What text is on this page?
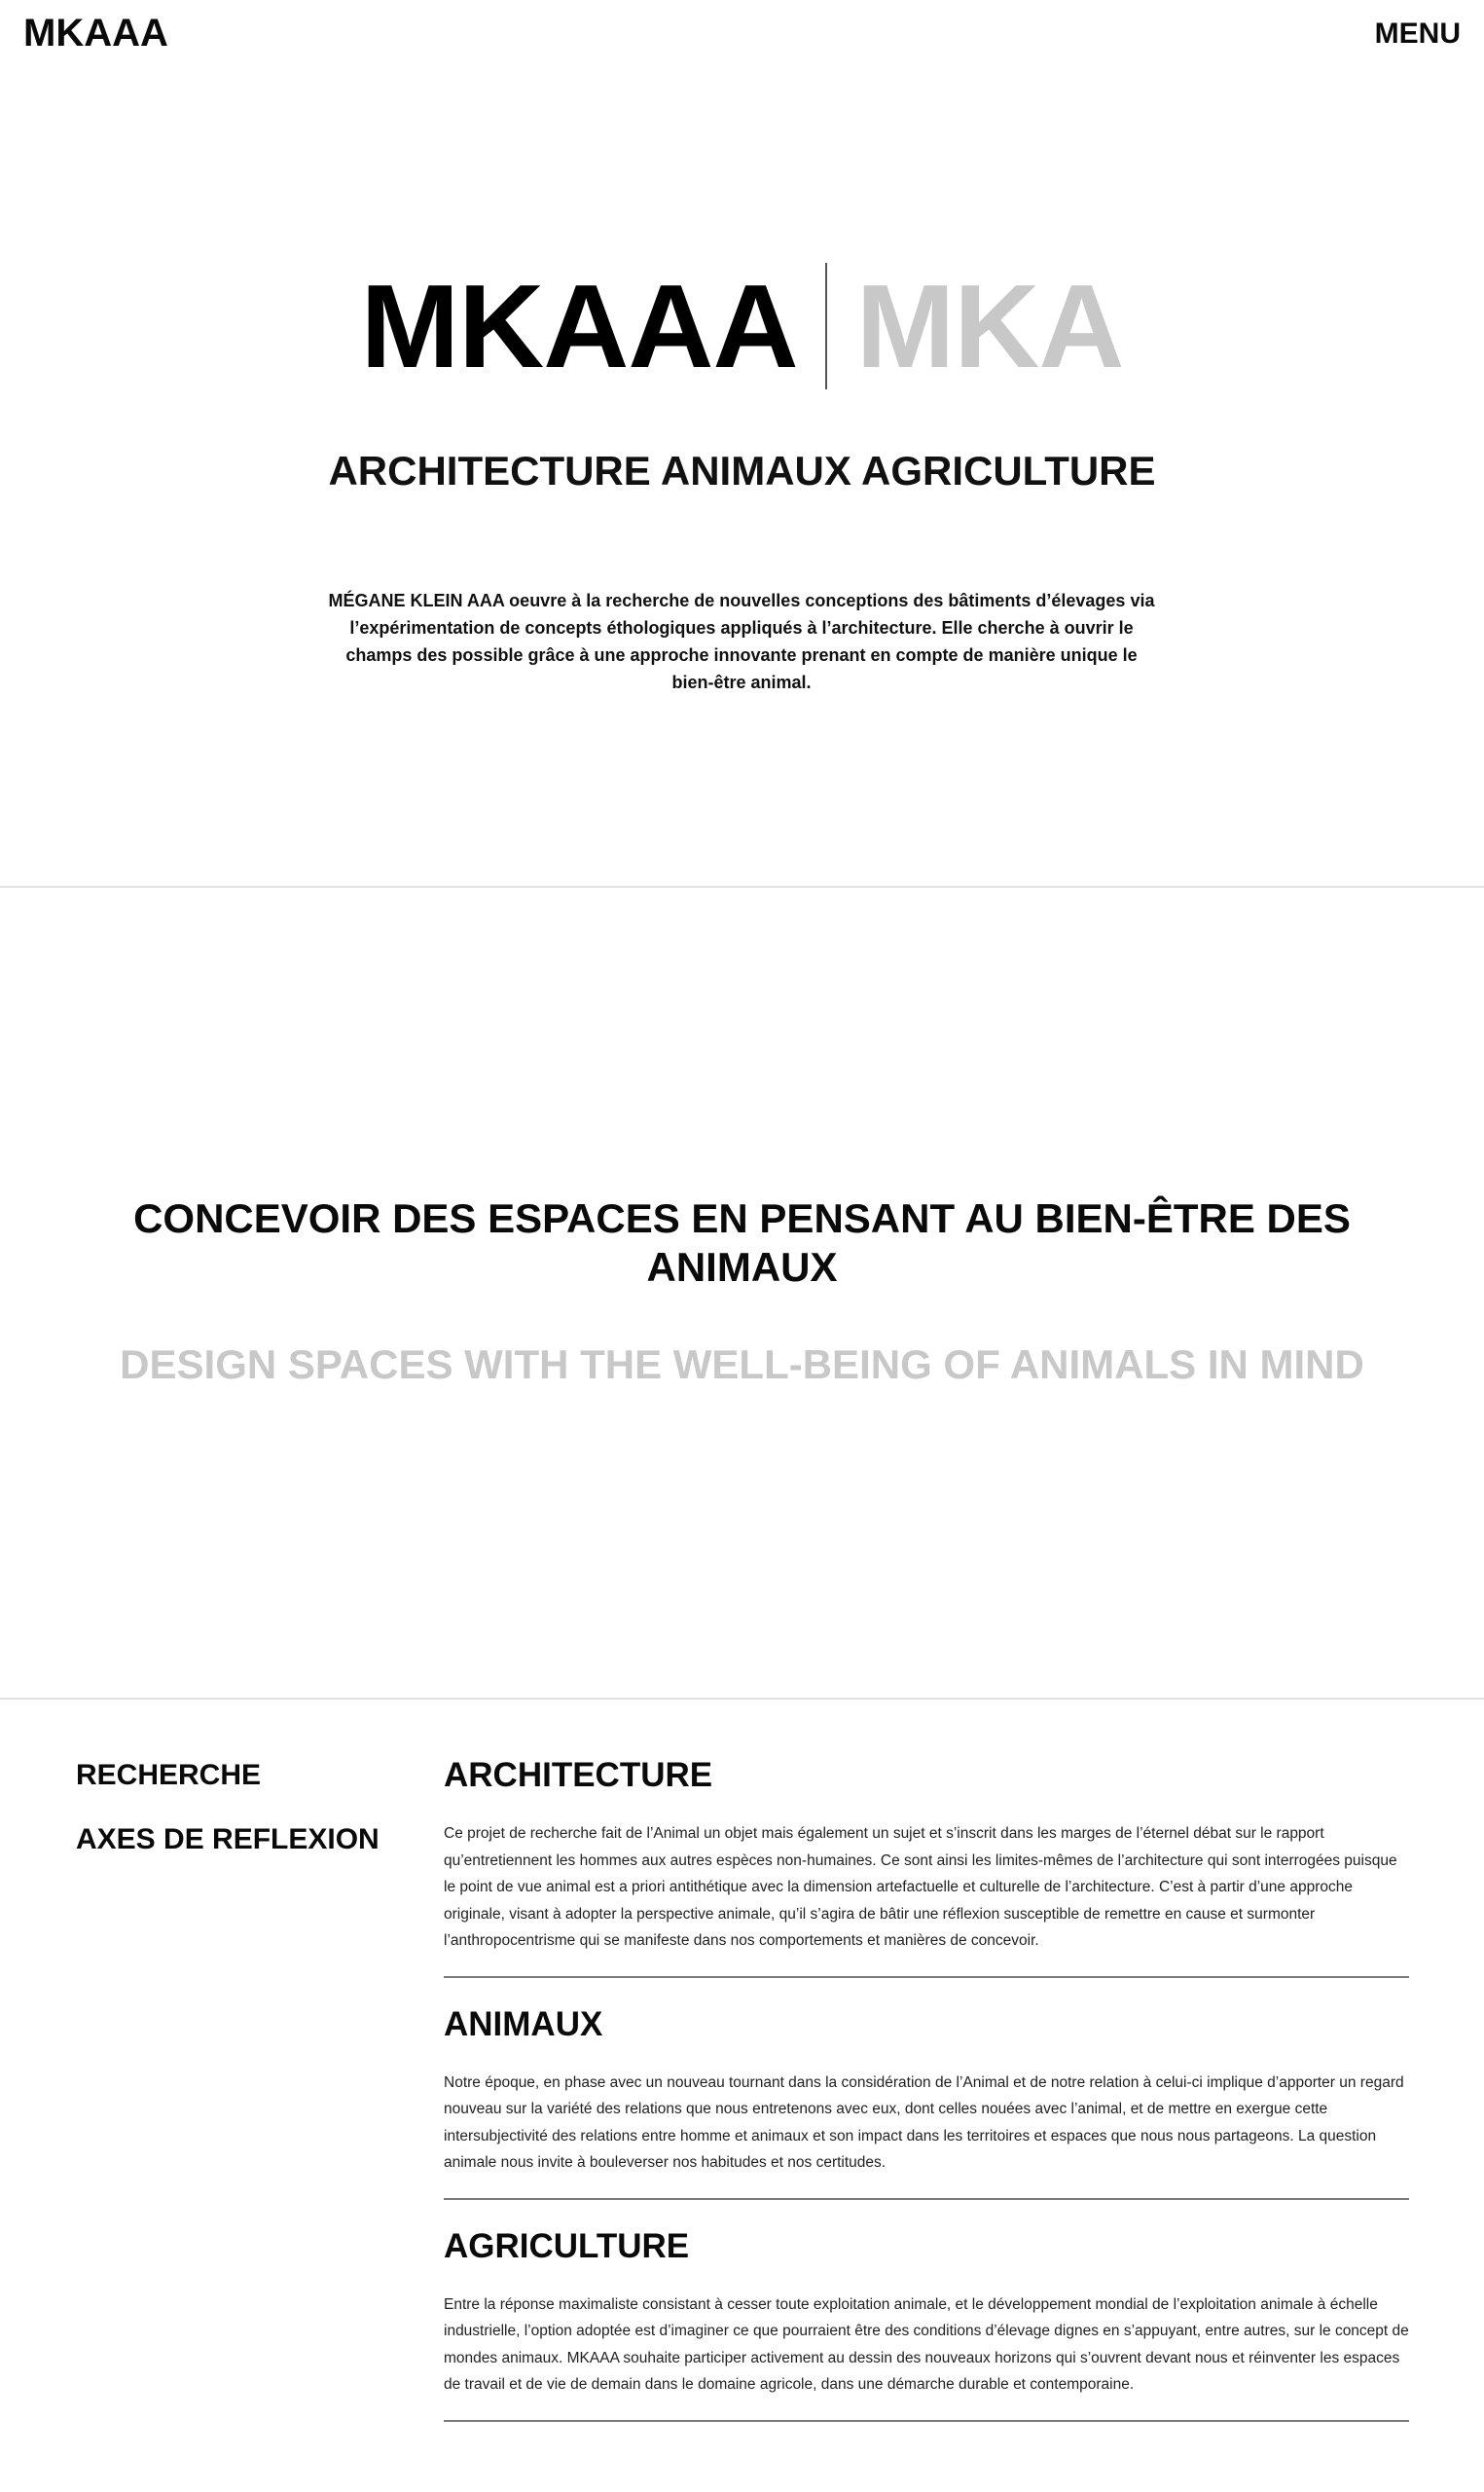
MKAAA	MENU
MKAAA MKA
ARCHITECTURE ANIMAUX AGRICULTURE

MÉGANE KLEIN AAA oeuvre à la recherche de nouvelles conceptions des bâtiments d’élevages via l’expérimentation de concepts éthologiques appliqués à l’architecture. Elle cherche à ouvrir le champs des possible grâce à une approche innovante prenant en compte de manière unique le bien-être animal.

CONCEVOIR DES ESPACES EN PENSANT AU BIEN-ÊTRE DES ANIMAUX
DESIGN SPACES WITH THE WELL-BEING OF ANIMALS IN MIND
RECHERCHE
AXES DE REFLEXION
ARCHITECTURE

Ce projet de recherche fait de l’Animal un objet mais également un sujet et s’inscrit dans les marges de l’éternel débat sur le rapport qu’entretiennent les hommes aux autres espèces non-humaines. Ce sont ainsi les limites-mêmes de l’architecture qui sont interrogées puisque le point de vue animal est a priori antithétique avec la dimension artefactuelle et culturelle de l’architecture. C’est à partir d’une approche originale, visant à adopter la perspective animale, qu’il s’agira de bâtir une réflexion susceptible de remettre en cause et surmonter l’anthropocentrisme qui se manifeste dans nos comportements et manières de concevoir.

ANIMAUX

Notre époque, en phase avec un nouveau tournant dans la considération de l’Animal et de notre relation à celui-ci implique d’apporter un regard nouveau sur la variété des relations que nous entretenons avec eux, dont celles nouées avec l’animal, et de mettre en exergue cette intersubjectivité des relations entre homme et animaux et son impact dans les territoires et espaces que nous nous partageons. La question animale nous invite à bouleverser nos habitudes et nos certitudes.

AGRICULTURE

Entre la réponse maximaliste consistant à cesser toute exploitation animale, et le développement mondial de l’exploitation animale à échelle industrielle, l’option adoptée est d’imaginer ce que pourraient être des conditions d’élevage dignes en s’appuyant, entre autres, sur le concept de mondes animaux. MKAAA souhaite participer activement au dessin des nouveaux horizons qui s’ouvrent devant nous et réinventer les espaces de travail et de vie de demain dans le domaine agricole, dans une démarche durable et contemporaine.
